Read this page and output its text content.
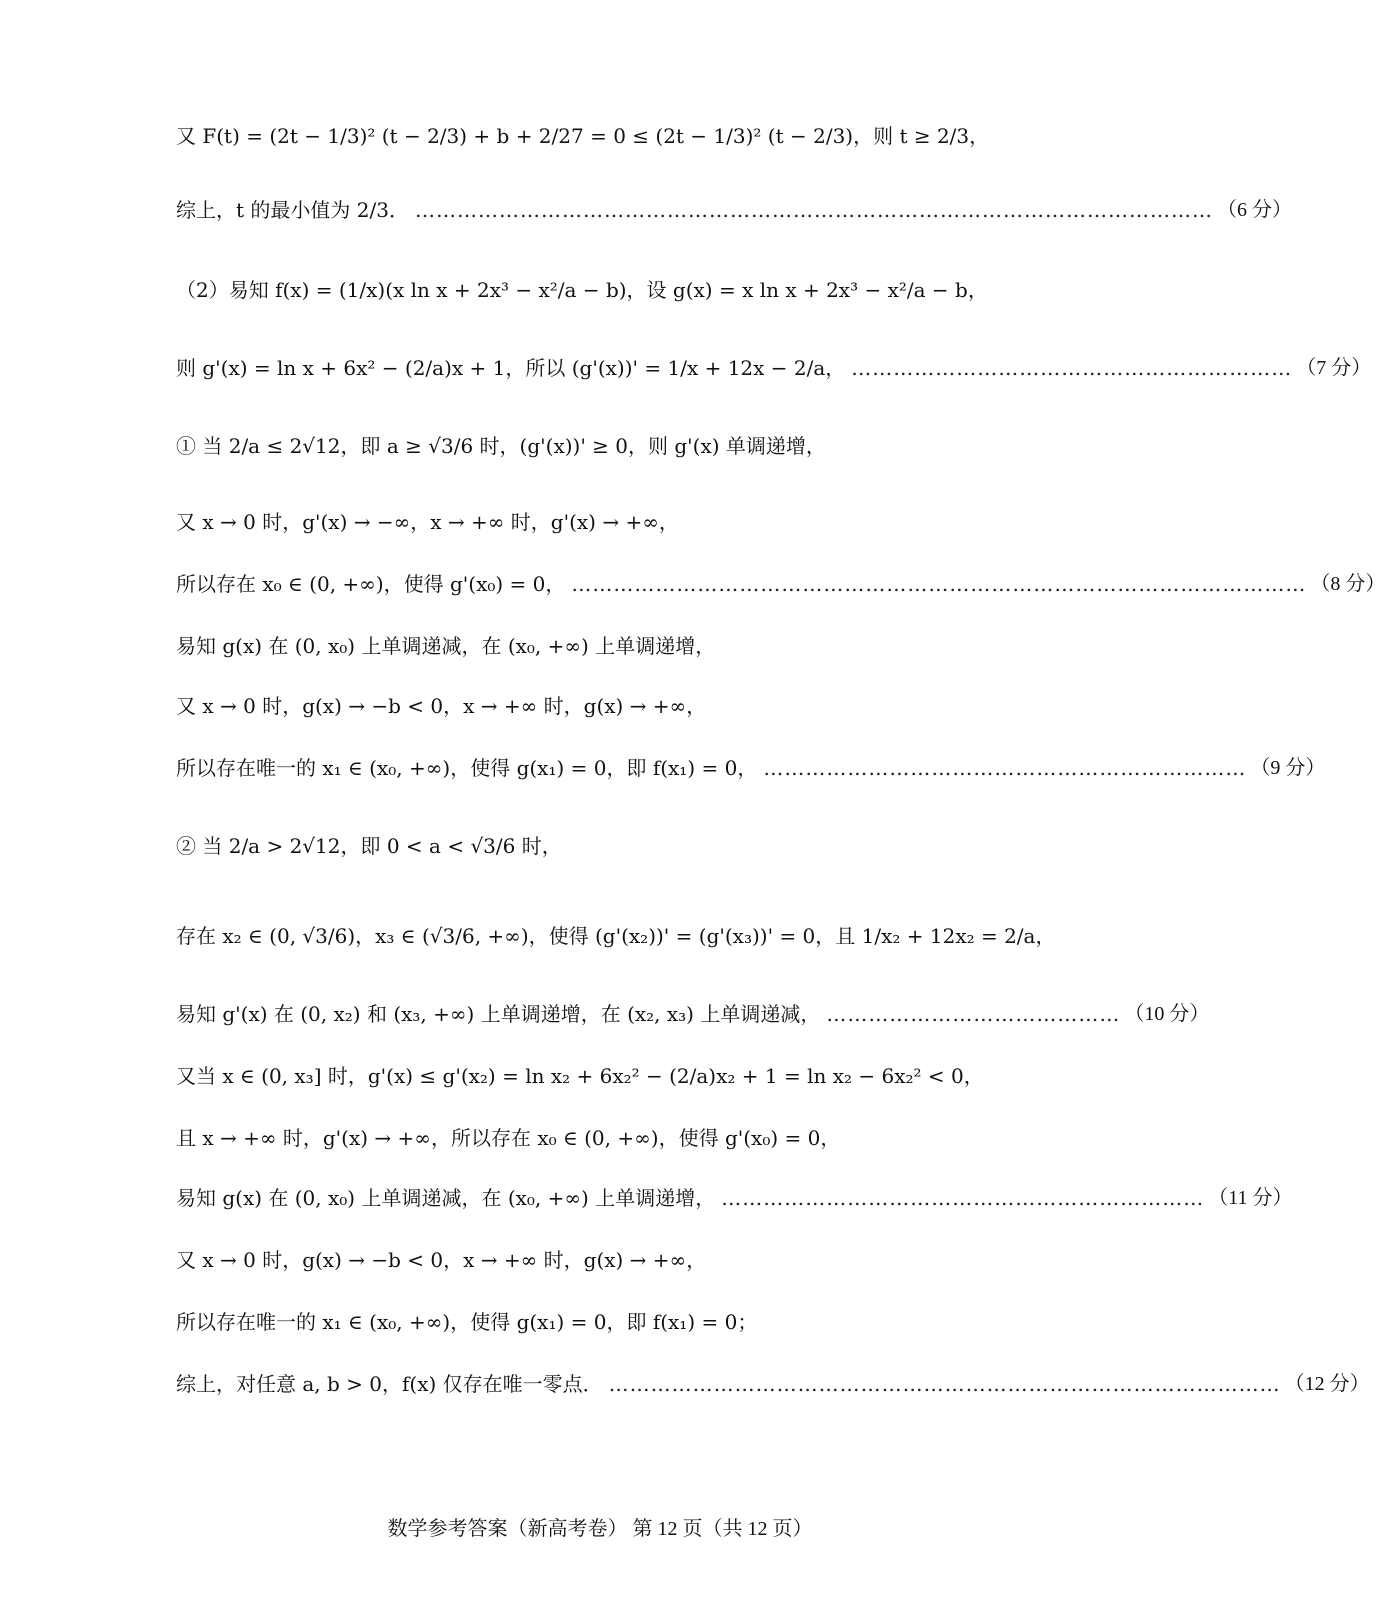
又 F(t) = (2t − 1/3)² (t − 2/3) + b + 2/27 = 0 ≤ (2t − 1/3)² (t − 2/3)，则 t ≥ 2/3，
综上，t 的最小值为 2/3． …………………………………………………………………………………………………… （6 分）
（2）易知 f(x) = (1/x)(x ln x + 2x³ − x²/a − b)，设 g(x) = x ln x + 2x³ − x²/a − b，
则 g'(x) = ln x + 6x² − (2/a)x + 1，所以 (g'(x))' = 1/x + 12x − 2/a， ……………………………………………………… （7 分）
① 当 2/a ≤ 2√12，即 a ≥ √3/6 时，(g'(x))' ≥ 0，则 g'(x) 单调递增，
又 x → 0 时，g'(x) → −∞，x → +∞ 时，g'(x) → +∞，
所以存在 x₀ ∈ (0, +∞)，使得 g'(x₀) = 0， …………………………………………………………………………………………… （8 分）
易知 g(x) 在 (0, x₀) 上单调递减，在 (x₀, +∞) 上单调递增，
又 x → 0 时，g(x) → −b < 0，x → +∞ 时，g(x) → +∞，
所以存在唯一的 x₁ ∈ (x₀, +∞)，使得 g(x₁) = 0，即 f(x₁) = 0， …………………………………………………………… （9 分）
② 当 2/a > 2√12，即 0 < a < √3/6 时，
存在 x₂ ∈ (0, √3/6)，x₃ ∈ (√3/6, +∞)，使得 (g'(x₂))' = (g'(x₃))' = 0，且 1/x₂ + 12x₂ = 2/a，
易知 g'(x) 在 (0, x₂) 和 (x₃, +∞) 上单调递增，在 (x₂, x₃) 上单调递减， …………………………………… （10 分）
又当 x ∈ (0, x₃] 时，g'(x) ≤ g'(x₂) = ln x₂ + 6x₂² − (2/a)x₂ + 1 = ln x₂ − 6x₂² < 0，
且 x → +∞ 时，g'(x) → +∞，所以存在 x₀ ∈ (0, +∞)，使得 g'(x₀) = 0，
易知 g(x) 在 (0, x₀) 上单调递减，在 (x₀, +∞) 上单调递增， …………………………………………………………… （11 分）
又 x → 0 时，g(x) → −b < 0，x → +∞ 时，g(x) → +∞，
所以存在唯一的 x₁ ∈ (x₀, +∞)，使得 g(x₁) = 0，即 f(x₁) = 0；
综上，对任意 a, b > 0，f(x) 仅存在唯一零点． …………………………………………………………………………………… （12 分）
数学参考答案（新高考卷） 第 12 页（共 12 页）
